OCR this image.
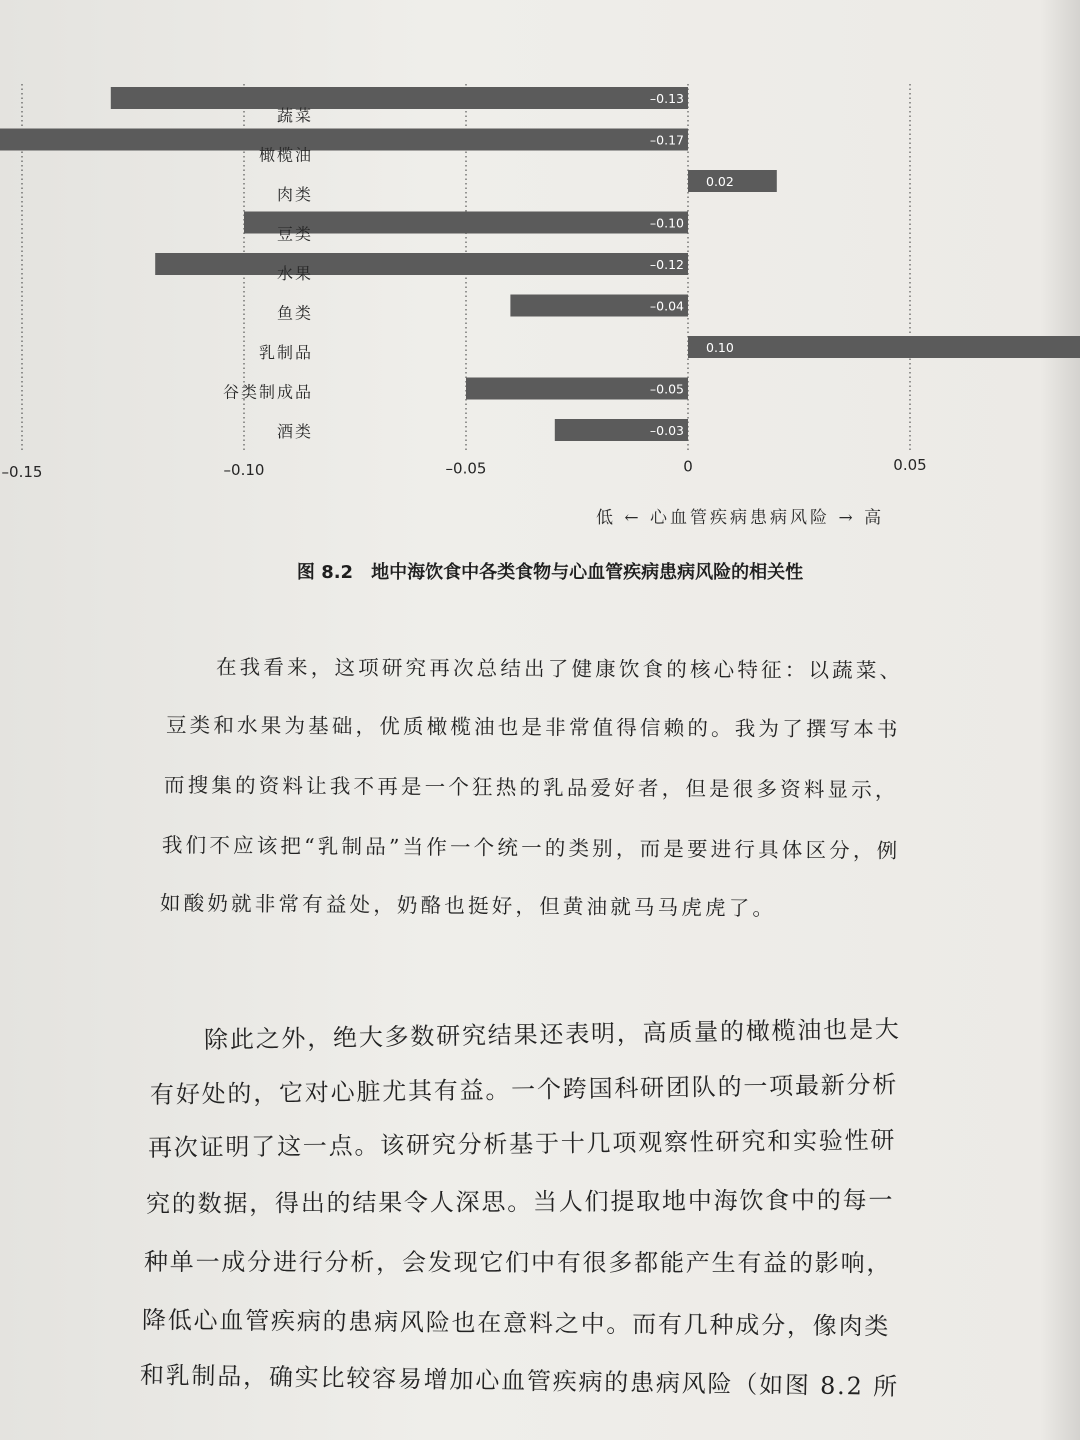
–0.13
–0.17
0.02
–0.10
–0.12
–0.04
0.10
–0.05
–0.03
蔬菜
橄榄油
肉类
豆类
水果
鱼类
乳制品
谷类制成品
酒类
–0.15	–0.10	–0.05	0	0.05
低 ← 心血管疾病患病风险 → 高
图 8.2　地中海饮食中各类食物与心血管疾病患病风险的相关性
在我看来，这项研究再次总结出了健康饮食的核心特征：以蔬菜、
豆类和水果为基础，优质橄榄油也是非常值得信赖的。我为了撰写本书
而搜集的资料让我不再是一个狂热的乳品爱好者，但是很多资料显示，
我们不应该把“乳制品”当作一个统一的类别，而是要进行具体区分，例
如酸奶就非常有益处，奶酪也挺好，但黄油就马马虎虎了。
除此之外，绝大多数研究结果还表明，高质量的橄榄油也是大
有好处的，它对心脏尤其有益。一个跨国科研团队的一项最新分析
再次证明了这一点。该研究分析基于十几项观察性研究和实验性研
究的数据，得出的结果令人深思。当人们提取地中海饮食中的每一
种单一成分进行分析，会发现它们中有很多都能产生有益的影响，
降低心血管疾病的患病风险也在意料之中。而有几种成分，像肉类
和乳制品，确实比较容易增加心血管疾病的患病风险（如图 8.2 所
